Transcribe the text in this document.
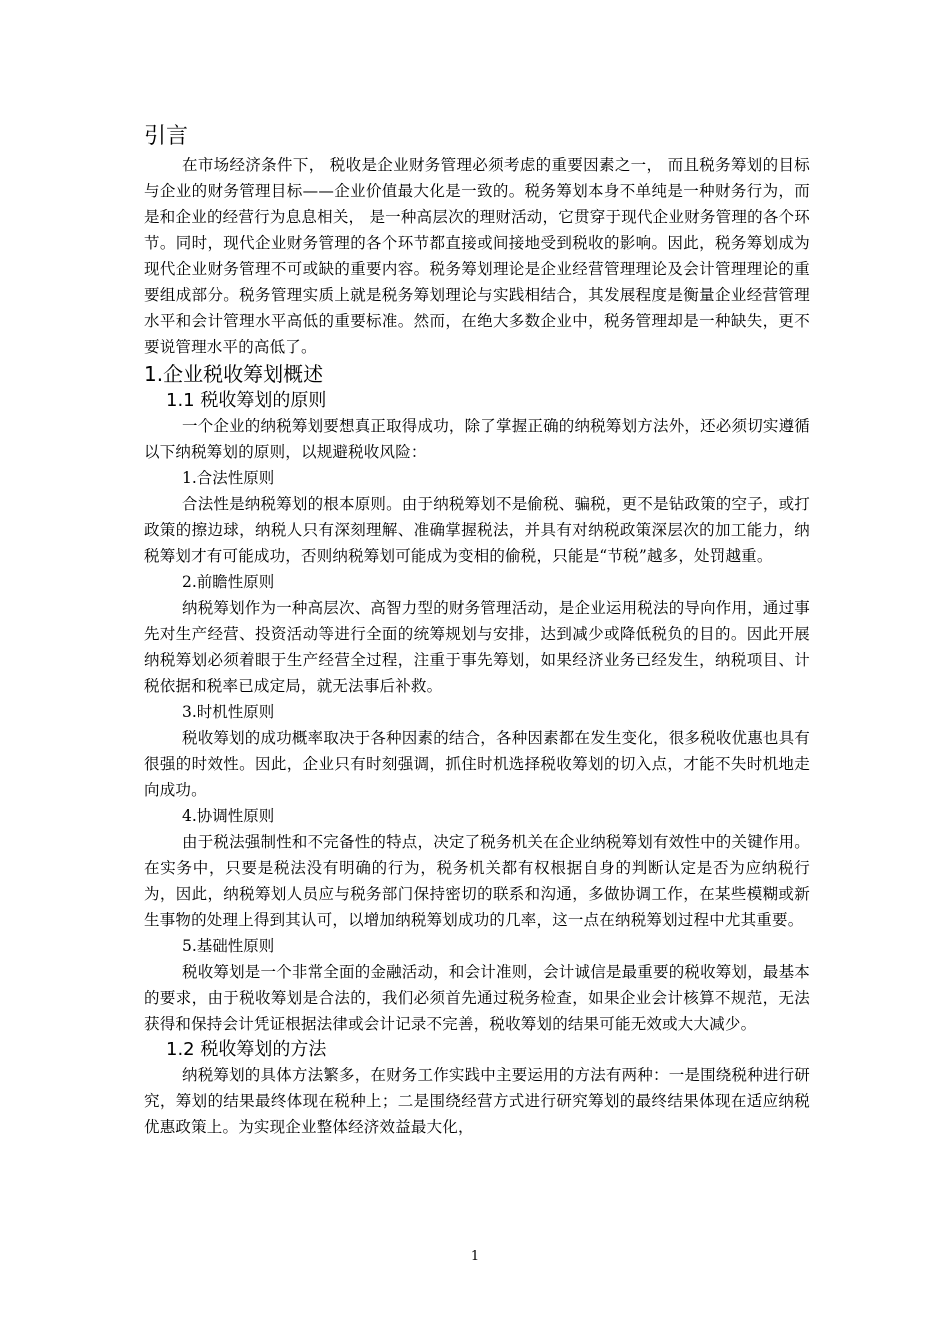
引言

在市场经济条件下， 税收是企业财务管理必须考虑的重要因素之一， 而且税务筹划的目标与企业的财务管理目标——企业价值最大化是一致的。税务筹划本身不单纯是一种财务行为，而是和企业的经营行为息息相关， 是一种高层次的理财活动，它贯穿于现代企业财务管理的各个环节。同时，现代企业财务管理的各个环节都直接或间接地受到税收的影响。因此，税务筹划成为现代企业财务管理不可或缺的重要内容。税务筹划理论是企业经营管理理论及会计管理理论的重要组成部分。税务管理实质上就是税务筹划理论与实践相结合，其发展程度是衡量企业经营管理水平和会计管理水平高低的重要标准。然而，在绝大多数企业中，税务管理却是一种缺失，更不要说管理水平的高低了。

1.企业税收筹划概述
1.1 税收筹划的原则

一个企业的纳税筹划要想真正取得成功，除了掌握正确的纳税筹划方法外，还必须切实遵循以下纳税筹划的原则，以规避税收风险：

1.合法性原则

合法性是纳税筹划的根本原则。由于纳税筹划不是偷税、骗税，更不是钻政策的空子，或打政策的擦边球，纳税人只有深刻理解、准确掌握税法，并具有对纳税政策深层次的加工能力，纳税筹划才有可能成功，否则纳税筹划可能成为变相的偷税，只能是“节税”越多，处罚越重。

2.前瞻性原则

纳税筹划作为一种高层次、高智力型的财务管理活动，是企业运用税法的导向作用，通过事先对生产经营、投资活动等进行全面的统筹规划与安排，达到减少或降低税负的目的。因此开展纳税筹划必须着眼于生产经营全过程，注重于事先筹划，如果经济业务已经发生，纳税项目、计税依据和税率已成定局，就无法事后补救。

3.时机性原则

税收筹划的成功概率取决于各种因素的结合，各种因素都在发生变化，很多税收优惠也具有很强的时效性。因此，企业只有时刻强调，抓住时机选择税收筹划的切入点，才能不失时机地走向成功。

4.协调性原则

由于税法强制性和不完备性的特点，决定了税务机关在企业纳税筹划有效性中的关键作用。在实务中，只要是税法没有明确的行为，税务机关都有权根据自身的判断认定是否为应纳税行为，因此，纳税筹划人员应与税务部门保持密切的联系和沟通，多做协调工作，在某些模糊或新生事物的处理上得到其认可，以增加纳税筹划成功的几率，这一点在纳税筹划过程中尤其重要。

5.基础性原则

税收筹划是一个非常全面的金融活动，和会计准则，会计诚信是最重要的税收筹划，最基本的要求，由于税收筹划是合法的，我们必须首先通过税务检查，如果企业会计核算不规范，无法获得和保持会计凭证根据法律或会计记录不完善，税收筹划的结果可能无效或大大减少。

1.2 税收筹划的方法

纳税筹划的具体方法繁多，在财务工作实践中主要运用的方法有两种：一是围绕税种进行研究，筹划的结果最终体现在税种上；二是围绕经营方式进行研究筹划的最终结果体现在适应纳税优惠政策上。为实现企业整体经济效益最大化，

1
